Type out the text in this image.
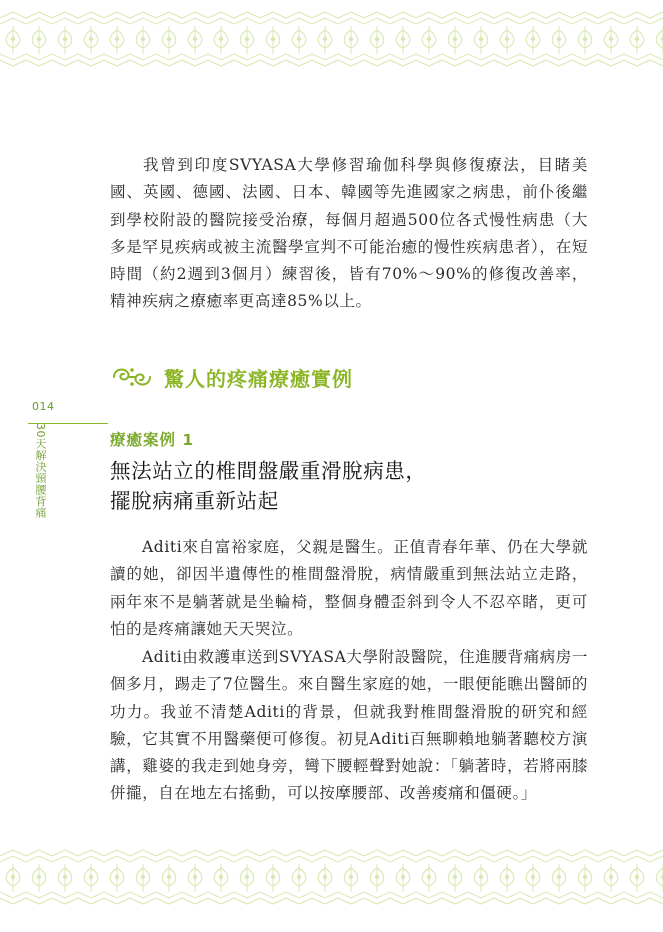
我曾到印度SVYASA大學修習瑜伽科學與修復療法，目睹美國、英國、德國、法國、日本、韓國等先進國家之病患，前仆後繼到學校附設的醫院接受治療，每個月超過500位各式慢性病患（大多是罕見疾病或被主流醫學宣判不可能治癒的慢性疾病患者），在短時間（約2週到3個月）練習後，皆有70%～90%的修復改善率，精神疾病之療癒率更高達85%以上。

驚人的疼痛療癒實例
014
30天解決頸腰背痛	療癒案例 1
無法站立的椎間盤嚴重滑脫病患，
擺脫病痛重新站起

Aditi來自富裕家庭，父親是醫生。正值青春年華、仍在大學就讀的她，卻因半遺傳性的椎間盤滑脫，病情嚴重到無法站立走路，兩年來不是躺著就是坐輪椅，整個身體歪斜到令人不忍卒睹，更可怕的是疼痛讓她天天哭泣。

Aditi由救護車送到SVYASA大學附設醫院，住進腰背痛病房一個多月，踢走了7位醫生。來自醫生家庭的她，一眼便能瞧出醫師的功力。我並不清楚Aditi的背景，但就我對椎間盤滑脫的研究和經驗，它其實不用醫藥便可修復。初見Aditi百無聊賴地躺著聽校方演講，雞婆的我走到她身旁，彎下腰輕聲對她說：「躺著時，若將兩膝併攏，自在地左右搖動，可以按摩腰部、改善痠痛和僵硬。」
